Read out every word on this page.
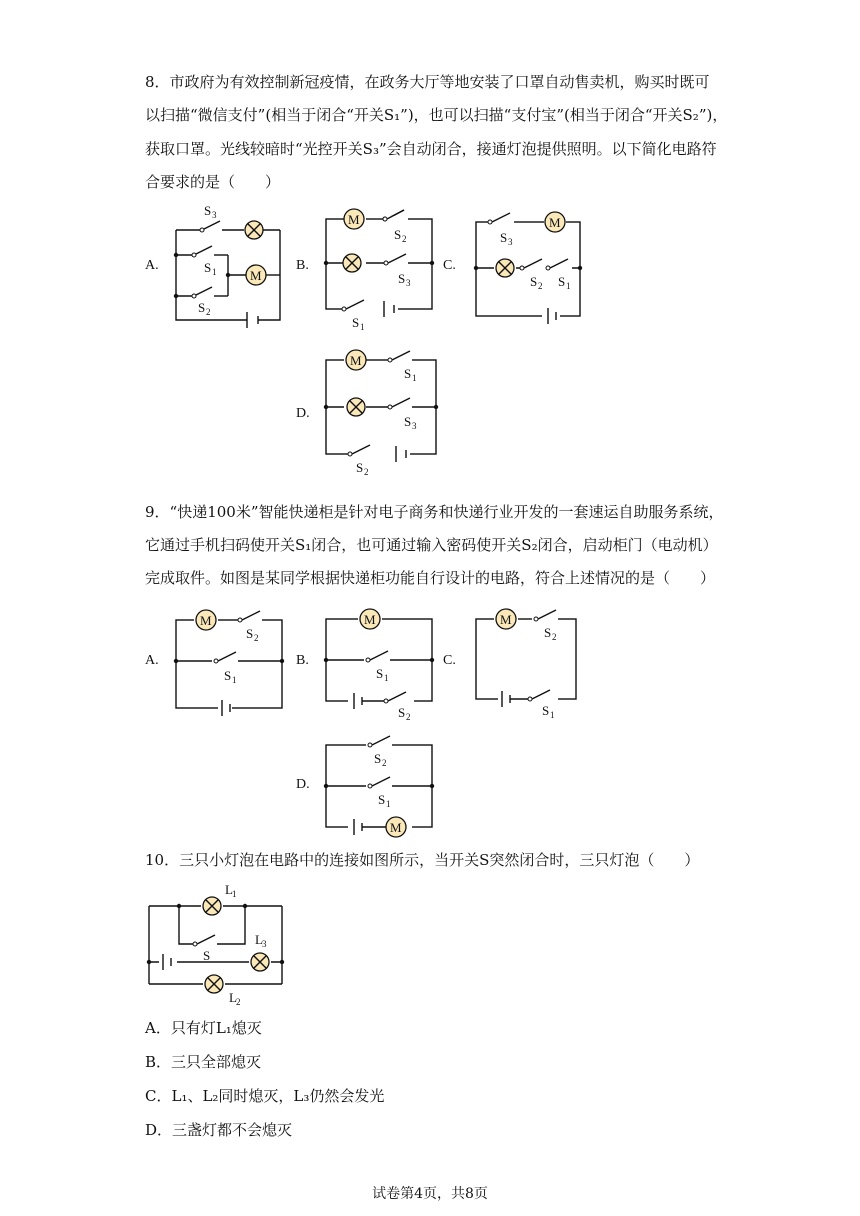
8．市政府为有效控制新冠疫情，在政务大厅等地安装了口罩自动售卖机，购买时既可
以扫描“微信支付”(相当于闭合“开关S₁”)，也可以扫描“支付宝”(相当于闭合“开关S₂”)，
获取口罩。光线较暗时“光控开关S₃”会自动闭合，接通灯泡提供照明。以下简化电路符
合要求的是（　　）
A.	B.	C.
D.
S 3
S 1
S 2
M
M
S 2
S 3
S 1
S 3
M
S 2 S 1
M
S 1
S 3
S 2
9．“快递100米”智能快递柜是针对电子商务和快递行业开发的一套速运自助服务系统，
它通过手机扫码使开关S₁闭合，也可通过输入密码使开关S₂闭合，启动柜门（电动机）
完成取件。如图是某同学根据快递柜功能自行设计的电路，符合上述情况的是（　　）
A.	B.	C.
D.
M
S 2
S 1
M
S 1
S 2
M
S 2
S 1
S 2
S 1
M
10．三只小灯泡在电路中的连接如图所示，当开关S突然闭合时，三只灯泡（　　）
L 1
S
L 3
L 2
A．只有灯L₁熄灭
B．三只全部熄灭
C．L₁、L₂同时熄灭，L₃仍然会发光
D．三盏灯都不会熄灭
试卷第4页，共8页
